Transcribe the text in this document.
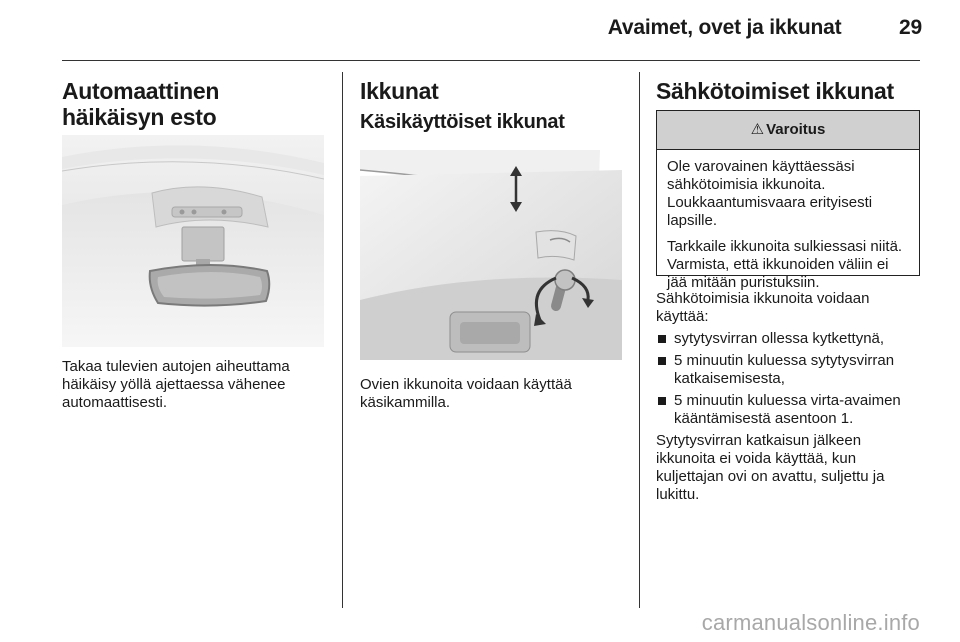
Avaimet, ovet ja ikkunat	29
Automaattinen häikäisyn esto

Takaa tulevien autojen aiheuttama häikäisy yöllä ajettaessa vähenee automaattisesti.

Ikkunat
Käsikäyttöiset ikkunat

Ovien ikkunoita voidaan käyttää käsikammilla.

Sähkötoimiset ikkunat
⚠ Varoitus

Ole varovainen käyttäessäsi sähkötoimisia ikkunoita. Loukkaantumisvaara erityisesti lapsille.

Tarkkaile ikkunoita sulkiessasi niitä. Varmista, että ikkunoiden väliin ei jää mitään puristuksiin.

Sähkötoimisia ikkunoita voidaan käyttää:

sytytysvirran ollessa kytkettynä,
5 minuutin kuluessa sytytysvirran katkaisemisesta,
5 minuutin kuluessa virta-avaimen kääntämisestä asentoon 1.

Sytytysvirran katkaisun jälkeen ikkunoita ei voida käyttää, kun kuljettajan ovi on avattu, suljettu ja lukittu.

carmanualsonline.info
